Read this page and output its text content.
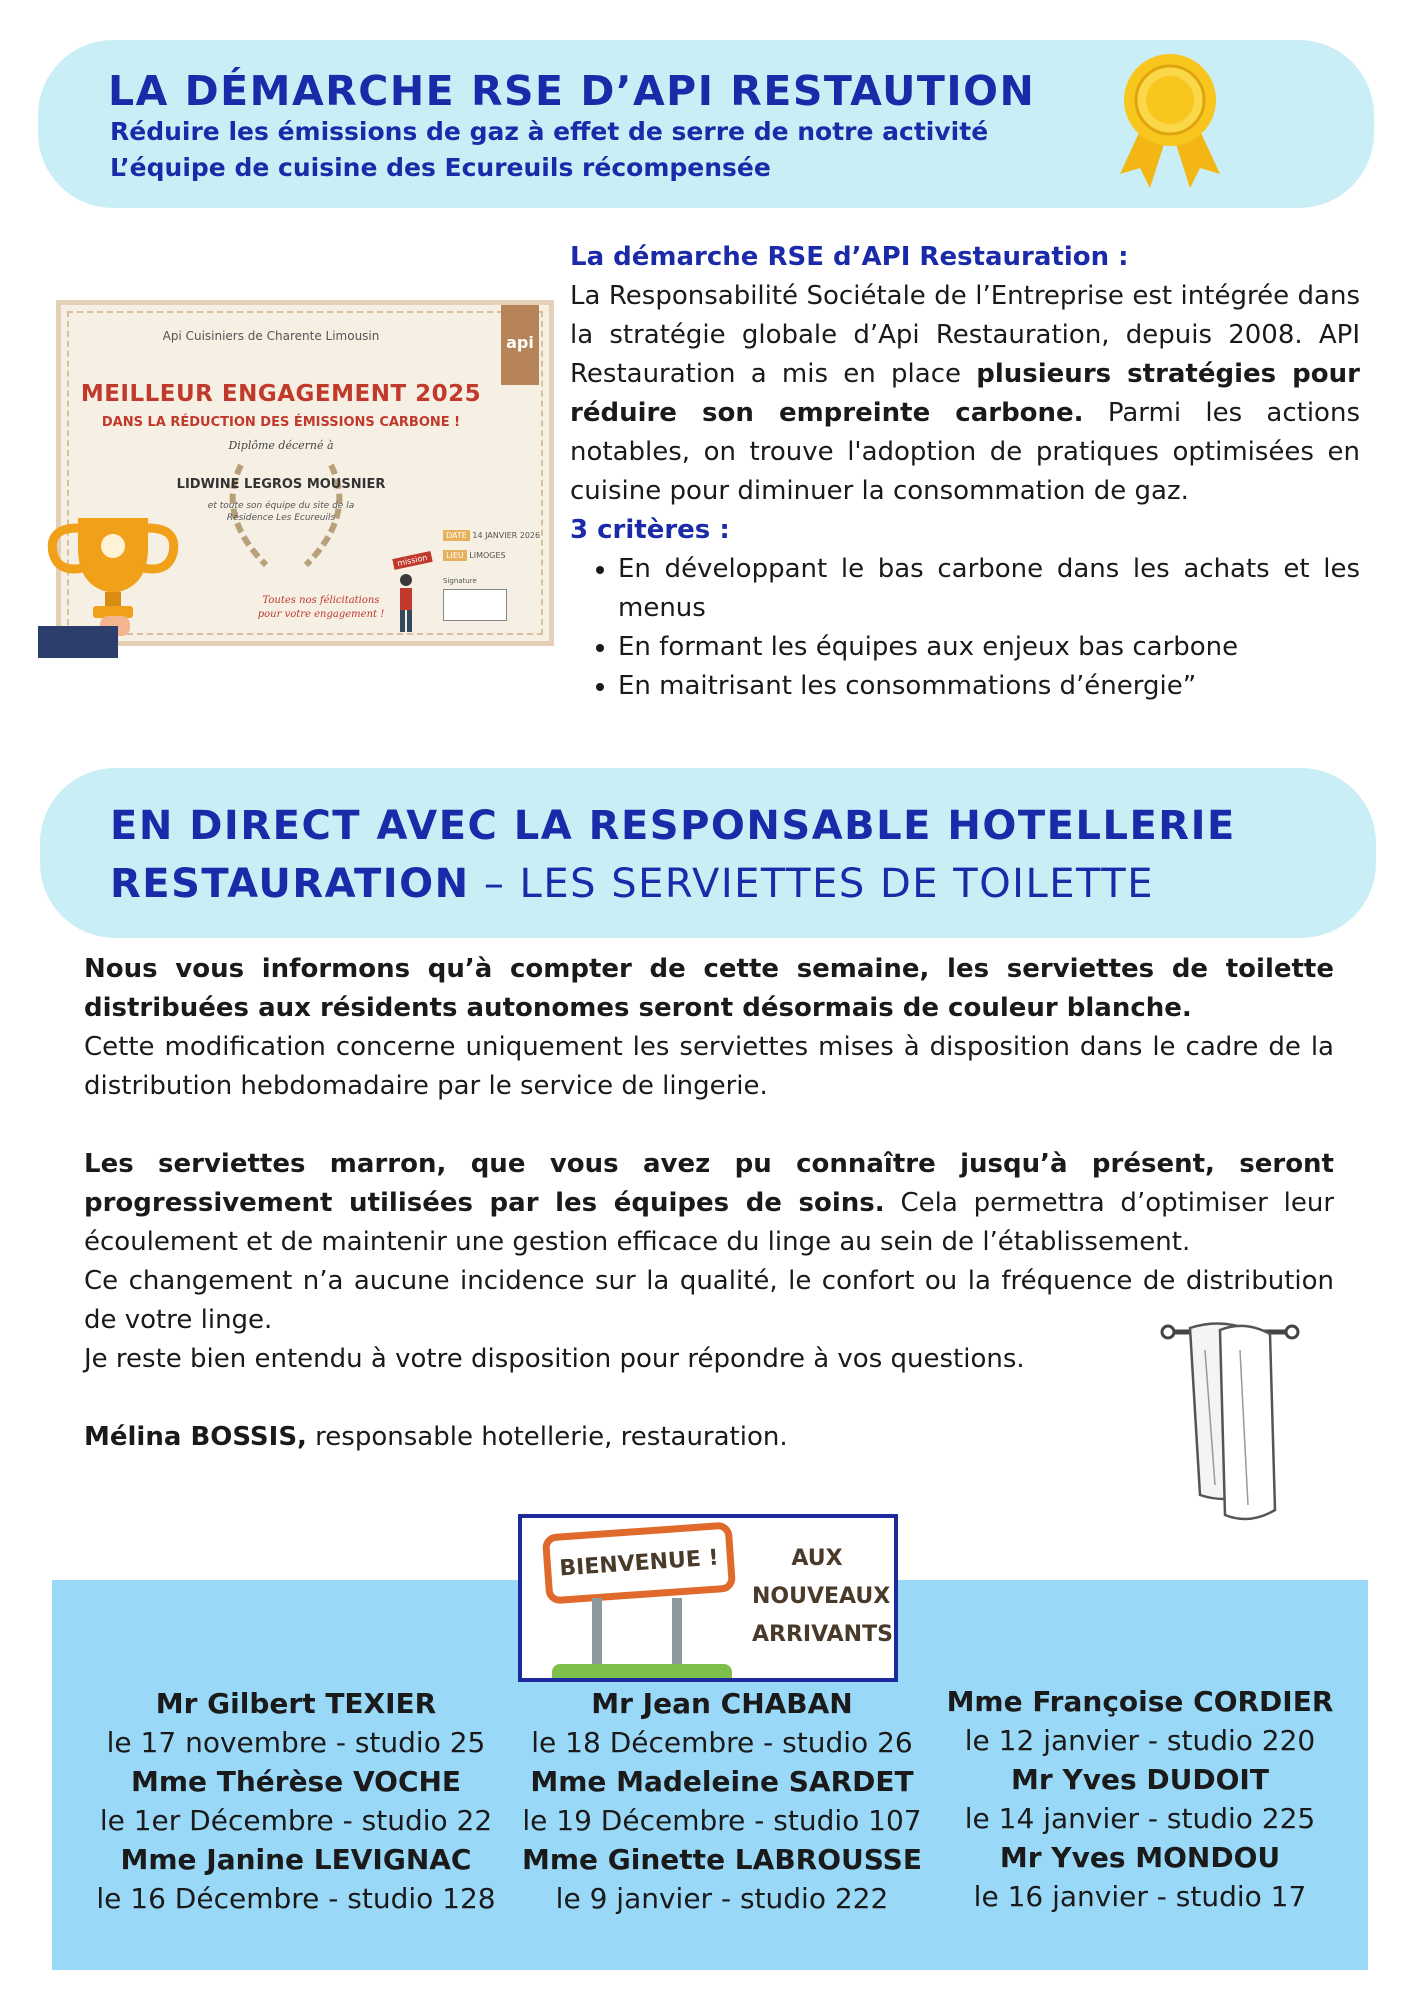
LA DÉMARCHE RSE D’API RESTAUTION

Réduire les émissions de gaz à effet de serre de notre activité

L’équipe de cuisine des Ecureuils récompensée

Api Cuisiniers de Charente Limousin	api
MEILLEUR ENGAGEMENT 2025
DANS LA RÉDUCTION DES ÉMISSIONS CARBONE !
Diplôme décerné à
LIDWINE LEGROS MOUSNIER
et toute son équipe du site de la
Résidence Les Ecureuils
DATE 14 JANVIER 2026
LIEU LIMOGES
Signature
mission
Toutes nos félicitations
pour votre engagement !

La démarche RSE d’API Restauration :

La Responsabilité Sociétale de l’Entreprise est intégrée dans la stratégie globale d’Api Restauration, depuis 2008. API Restauration a mis en place plusieurs stratégies pour réduire son empreinte carbone. Parmi les actions notables, on trouve l'adoption de pratiques optimisées en cuisine pour diminuer la consommation de gaz.

3 critères :

• En développant le bas carbone dans les achats et les menus
• En formant les équipes aux enjeux bas carbone
• En maitrisant les consommations d’énergie”
EN DIRECT AVEC LA RESPONSABLE HOTELLERIE
RESTAURATION – LES SERVIETTES DE TOILETTE

Nous vous informons qu’à compter de cette semaine, les serviettes de toilette distribuées aux résidents autonomes seront désormais de couleur blanche.
Cette modification concerne uniquement les serviettes mises à disposition dans le cadre de la distribution hebdomadaire par le service de lingerie.

Les serviettes marron, que vous avez pu connaître jusqu’à présent, seront progressivement utilisées par les équipes de soins. Cela permettra d’optimiser leur écoulement et de maintenir une gestion efficace du linge au sein de l’établissement.

Ce changement n’a aucune incidence sur la qualité, le confort ou la fréquence de distribution de votre linge.

Je reste bien entendu à votre disposition pour répondre à vos questions.

Mélina BOSSIS, responsable hotellerie, restauration.

BIENVENUE !	AUX
NOUVEAUX
ARRIVANTS
Mr Gilbert TEXIER
le 17 novembre - studio 25
Mme Thérèse VOCHE
le 1er Décembre - studio 22
Mme Janine LEVIGNAC
le 16 Décembre - studio 128
Mr Jean CHABAN
le 18 Décembre - studio 26
Mme Madeleine SARDET
le 19 Décembre - studio 107
Mme Ginette LABROUSSE
le 9 janvier - studio 222
Mme Françoise CORDIER
le 12 janvier - studio 220
Mr Yves DUDOIT
le 14 janvier - studio 225
Mr Yves MONDOU
le 16 janvier - studio 17
